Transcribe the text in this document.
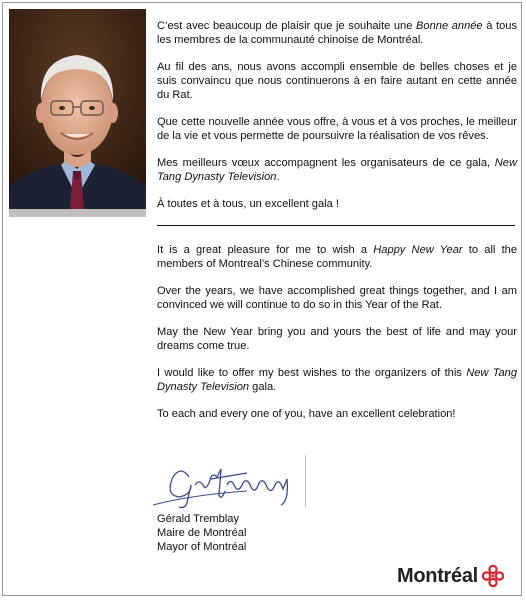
C’est avec beaucoup de plaisir que je souhaite une Bonne année à tous les membres de la communauté chinoise de Montréal.

Au fil des ans, nous avons accompli ensemble de belles choses et je suis convaincu que nous continuerons à en faire autant en cette année du Rat.

Que cette nouvelle année vous offre, à vous et à vos proches, le meilleur de la vie et vous permette de poursuivre la réalisation de vos rêves.

Mes meilleurs vœux accompagnent les organisateurs de ce gala, New Tang Dynasty Television.

À toutes et à tous, un excellent gala !

It is a great pleasure for me to wish a Happy New Year to all the members of Montreal’s Chinese community.

Over the years, we have accomplished great things together, and I am convinced we will continue to do so in this Year of the Rat.

May the New Year bring you and yours the best of life and may your dreams come true.

I would like to offer my best wishes to the organizers of this New Tang Dynasty Television gala.

To each and every one of you, have an excellent celebration!

Gérald Tremblay
Maire de Montréal
Mayor of Montréal
Montréal
